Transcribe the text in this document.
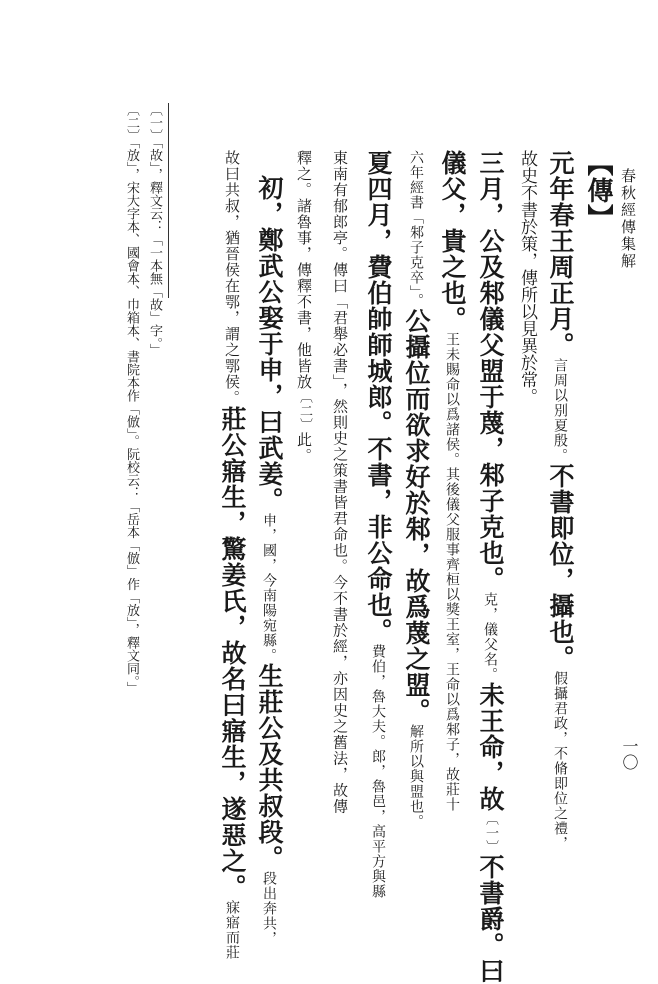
春秋經傳集解
一〇
【傳】
元年春王周正月。言周以別夏殷。不書即位，攝也。假攝君政，不脩即位之禮，
故史不書於策，傳所以見異於常。
三月，公及邾儀父盟于蔑，邾子克也。克，儀父名。未王命，故〔一〕不書爵。曰
儀父，貴之也。王未賜命以爲諸侯。其後儀父服事齊桓以獎王室，王命以爲邾子，故莊十
六年經書「邾子克卒」。公攝位而欲求好於邾，故爲蔑之盟。解所以與盟也。
夏四月，費伯帥師城郎。不書，非公命也。費伯，魯大夫。郎，魯邑，高平方與縣
東南有郁郎亭。傳曰「君舉必書」，然則史之策書皆君命也。今不書於經，亦因史之舊法，故傳
釋之。諸魯事，傳釋不書，他皆放〔二〕此。
初，鄭武公娶于申，曰武姜。申，國，今南陽宛縣。生莊公及共叔段。段出奔共，
故曰共叔，猶晉侯在鄂，謂之鄂侯。莊公寤生，驚姜氏，故名曰寤生，遂惡之。寐寤而莊
〔一〕「故」，釋文云：「一本無「故」字。」
〔二〕「放」，宋大字本、國會本、巾箱本、書院本作「倣」。阮校云：「岳本「倣」作「放」，釋文同。」
